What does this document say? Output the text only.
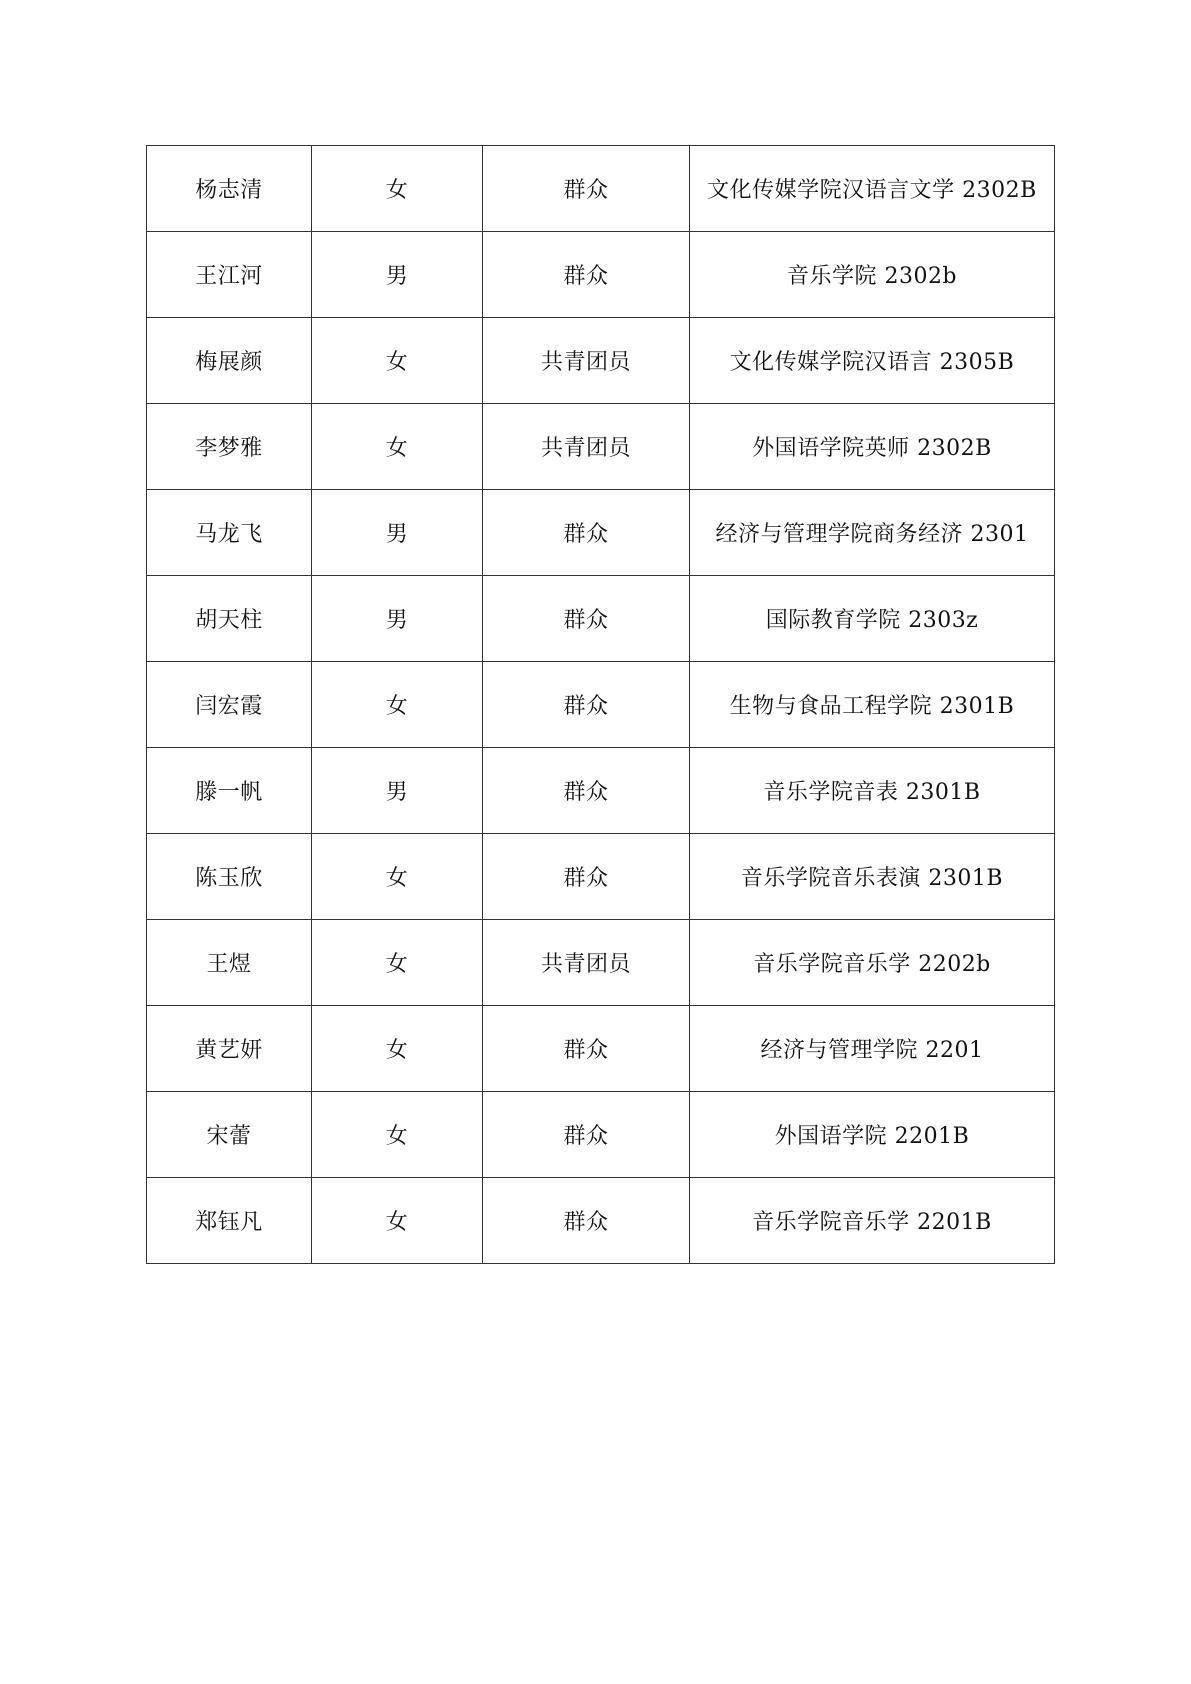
杨志清	女	群众	文化传媒学院汉语言文学 2302B
王江河	男	群众	音乐学院 2302b
梅展颜	女	共青团员	文化传媒学院汉语言 2305B
李梦雅	女	共青团员	外国语学院英师 2302B
马龙飞	男	群众	经济与管理学院商务经济 2301
胡天柱	男	群众	国际教育学院 2303z
闫宏霞	女	群众	生物与食品工程学院 2301B
滕一帆	男	群众	音乐学院音表 2301B
陈玉欣	女	群众	音乐学院音乐表演 2301B
王煜	女	共青团员	音乐学院音乐学 2202b
黄艺妍	女	群众	经济与管理学院 2201
宋蕾	女	群众	外国语学院 2201B
郑钰凡	女	群众	音乐学院音乐学 2201B
